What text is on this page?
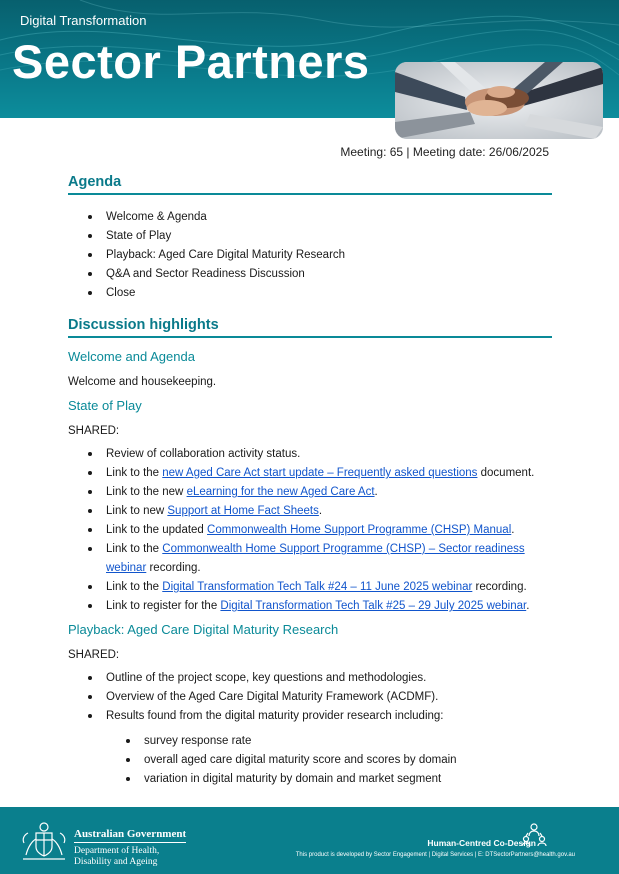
Digital Transformation
Sector Partners
Meeting: 65 | Meeting date: 26/06/2025
Agenda
Welcome & Agenda
State of Play
Playback: Aged Care Digital Maturity Research
Q&A and Sector Readiness Discussion
Close
Discussion highlights
Welcome and Agenda

Welcome and housekeeping.

State of Play

SHARED:

Review of collaboration activity status.
Link to the new Aged Care Act start update – Frequently asked questions document.
Link to the new eLearning for the new Aged Care Act.
Link to new Support at Home Fact Sheets.
Link to the updated Commonwealth Home Support Programme (CHSP) Manual.
Link to the Commonwealth Home Support Programme (CHSP) – Sector readiness webinar recording.
Link to the Digital Transformation Tech Talk #24 – 11 June 2025 webinar recording.
Link to register for the Digital Transformation Tech Talk #25 – 29 July 2025 webinar.
Playback: Aged Care Digital Maturity Research

SHARED:

Outline of the project scope, key questions and methodologies.
Overview of the Aged Care Digital Maturity Framework (ACDMF).
Results found from the digital maturity provider research including:
survey response rate
overall aged care digital maturity score and scores by domain
variation in digital maturity by domain and market segment
Australian Government
Department of Health,
Disability and Ageing
Human-Centred Co-Design
This product is developed by Sector Engagement | Digital Services | E: DTSectorPartners@health.gov.au
